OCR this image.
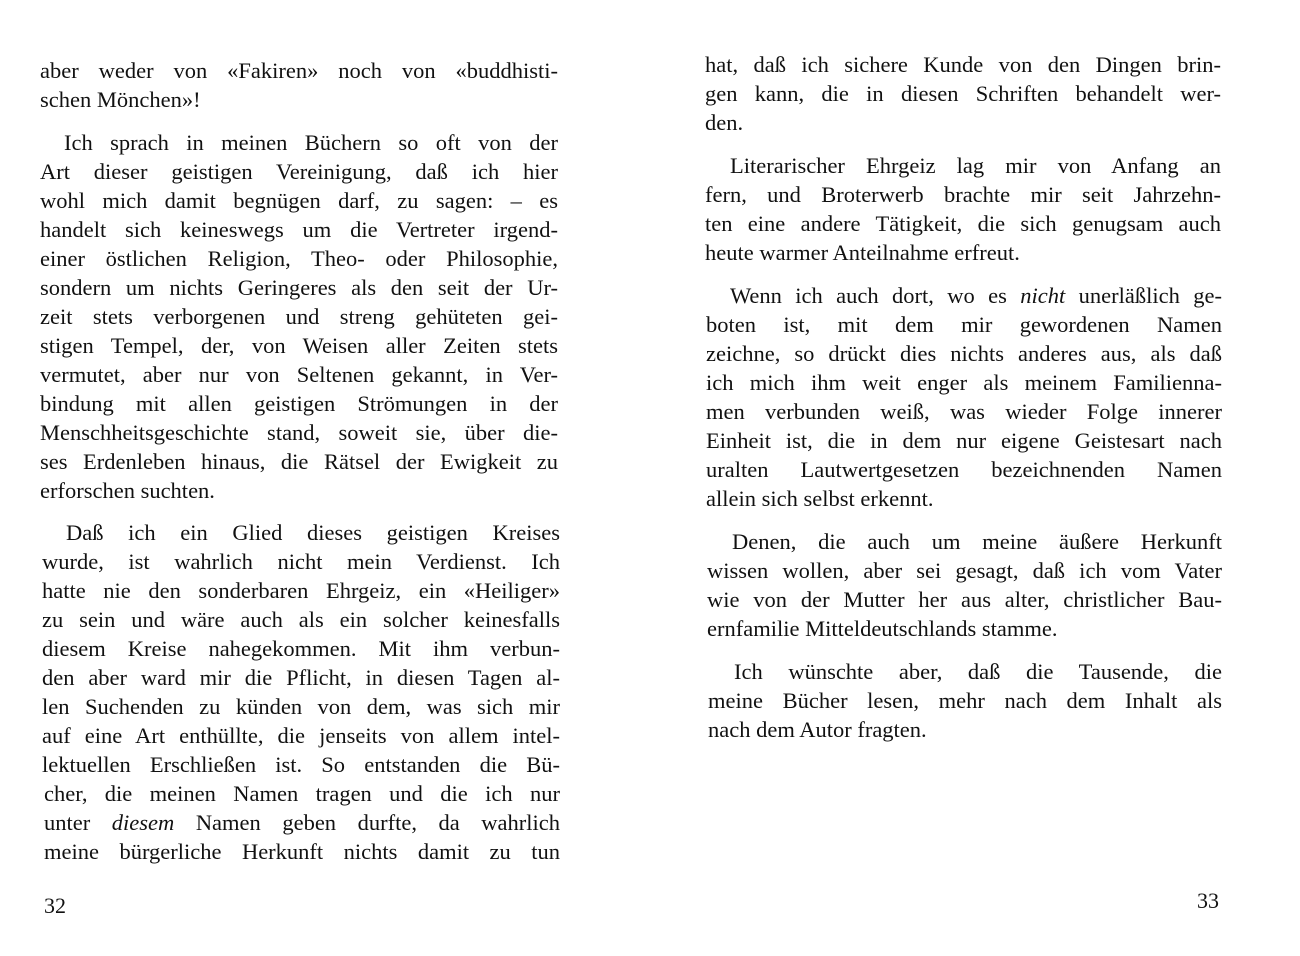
aber weder von «Fakiren» noch von «buddhisti-
schen Mönchen»!
Ich sprach in meinen Büchern so oft von der
Art dieser geistigen Vereinigung, daß ich hier
wohl mich damit begnügen darf, zu sagen: – es
handelt sich keineswegs um die Vertreter irgend-
einer östlichen Religion, Theo- oder Philosophie,
sondern um nichts Geringeres als den seit der Ur-
zeit stets verborgenen und streng gehüteten gei-
stigen Tempel, der, von Weisen aller Zeiten stets
vermutet, aber nur von Seltenen gekannt, in Ver-
bindung mit allen geistigen Strömungen in der
Menschheitsgeschichte stand, soweit sie, über die-
ses Erdenleben hinaus, die Rätsel der Ewigkeit zu
erforschen suchten.
Daß ich ein Glied dieses geistigen Kreises
wurde, ist wahrlich nicht mein Verdienst. Ich
hatte nie den sonderbaren Ehrgeiz, ein «Heiliger»
zu sein und wäre auch als ein solcher keinesfalls
diesem Kreise nahegekommen. Mit ihm verbun-
den aber ward mir die Pflicht, in diesen Tagen al-
len Suchenden zu künden von dem, was sich mir
auf eine Art enthüllte, die jenseits von allem intel-
lektuellen Erschließen ist. So entstanden die Bü-
cher, die meinen Namen tragen und die ich nur
unter diesem Namen geben durfte, da wahrlich
meine bürgerliche Herkunft nichts damit zu tun
32
hat, daß ich sichere Kunde von den Dingen brin-
gen kann, die in diesen Schriften behandelt wer-
den.
Literarischer Ehrgeiz lag mir von Anfang an
fern, und Broterwerb brachte mir seit Jahrzehn-
ten eine andere Tätigkeit, die sich genugsam auch
heute warmer Anteilnahme erfreut.
Wenn ich auch dort, wo es nicht unerläßlich ge-
boten ist, mit dem mir gewordenen Namen
zeichne, so drückt dies nichts anderes aus, als daß
ich mich ihm weit enger als meinem Familienna-
men verbunden weiß, was wieder Folge innerer
Einheit ist, die in dem nur eigene Geistesart nach
uralten Lautwertgesetzen bezeichnenden Namen
allein sich selbst erkennt.
Denen, die auch um meine äußere Herkunft
wissen wollen, aber sei gesagt, daß ich vom Vater
wie von der Mutter her aus alter, christlicher Bau-
ernfamilie Mitteldeutschlands stamme.
Ich wünschte aber, daß die Tausende, die
meine Bücher lesen, mehr nach dem Inhalt als
nach dem Autor fragten.
33
